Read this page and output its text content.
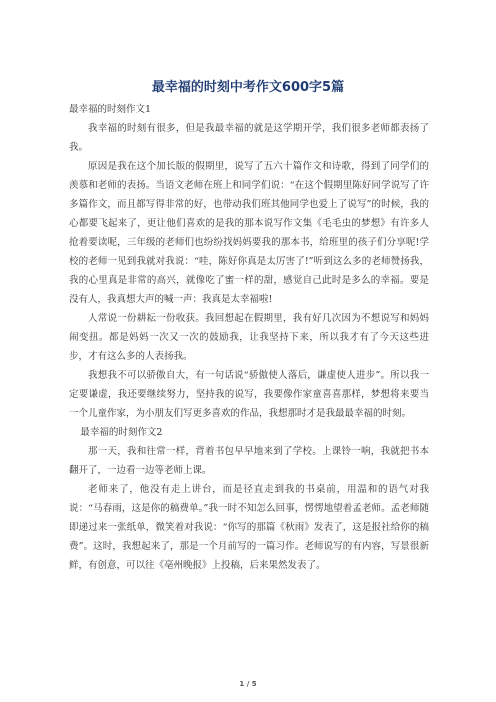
最幸福的时刻中考作文600字5篇

最幸福的时刻作文1

我幸福的时刻有很多，但是我最幸福的就是这学期开学，我们很多老师都表扬了我。

原因是我在这个加长版的假期里，说写了五六十篇作文和诗歌，得到了同学们的羡慕和老师的表扬。当语文老师在班上和同学们说：“在这个假期里陈好同学说写了许多篇作文，而且都写得非常的好，也带动我们班其他同学也爱上了说写”的时候，我的心都要飞起来了，更让他们喜欢的是我的那本说写作文集《毛毛虫的梦想》有许多人抢着要读呢，三年级的老师们也纷纷找妈妈要我的那本书，给班里的孩子们分享呢!学校的老师一见到我就对我说：“哇，陈好你真是太厉害了!”听到这么多的老师赞扬我，我的心里真是非常的高兴，就像吃了蜜一样的甜，感觉自己此时是多么的幸福。要是没有人，我真想大声的喊一声：我真是太幸福啦!

人常说一份耕耘一份收获。我回想起在假期里，我有好几次因为不想说写和妈妈闹变扭。都是妈妈一次又一次的鼓励我，让我坚持下来，所以我才有了今天这些进步，才有这么多的人表扬我。

我想我不可以骄傲自大，有一句话说“骄傲使人落后，谦虚使人进步”。所以我一定要谦虚，我还要继续努力，坚持我的说写，我要像作家童喜喜那样，梦想将来要当一个儿童作家，为小朋友们写更多喜欢的作品，我想那时才是我最最幸福的时刻。

最幸福的时刻作文2

那一天，我和往常一样，背着书包早早地来到了学校。上课铃一响，我就把书本翻开了，一边看一边等老师上课。

老师来了，他没有走上讲台，而是径直走到我的书桌前，用温和的语气对我说：“马春雨，这是你的稿费单。”我一时不知怎么回事，愣愣地望着孟老师。孟老师随即递过来一张纸单，微笑着对我说：“你写的那篇《秋雨》发表了，这是报社给你的稿费”。这时，我想起来了，那是一个月前写的一篇习作。老师说写的有内容，写景很新鲜，有创意，可以往《亳州晚报》上投稿，后来果然发表了。

1 / 5
